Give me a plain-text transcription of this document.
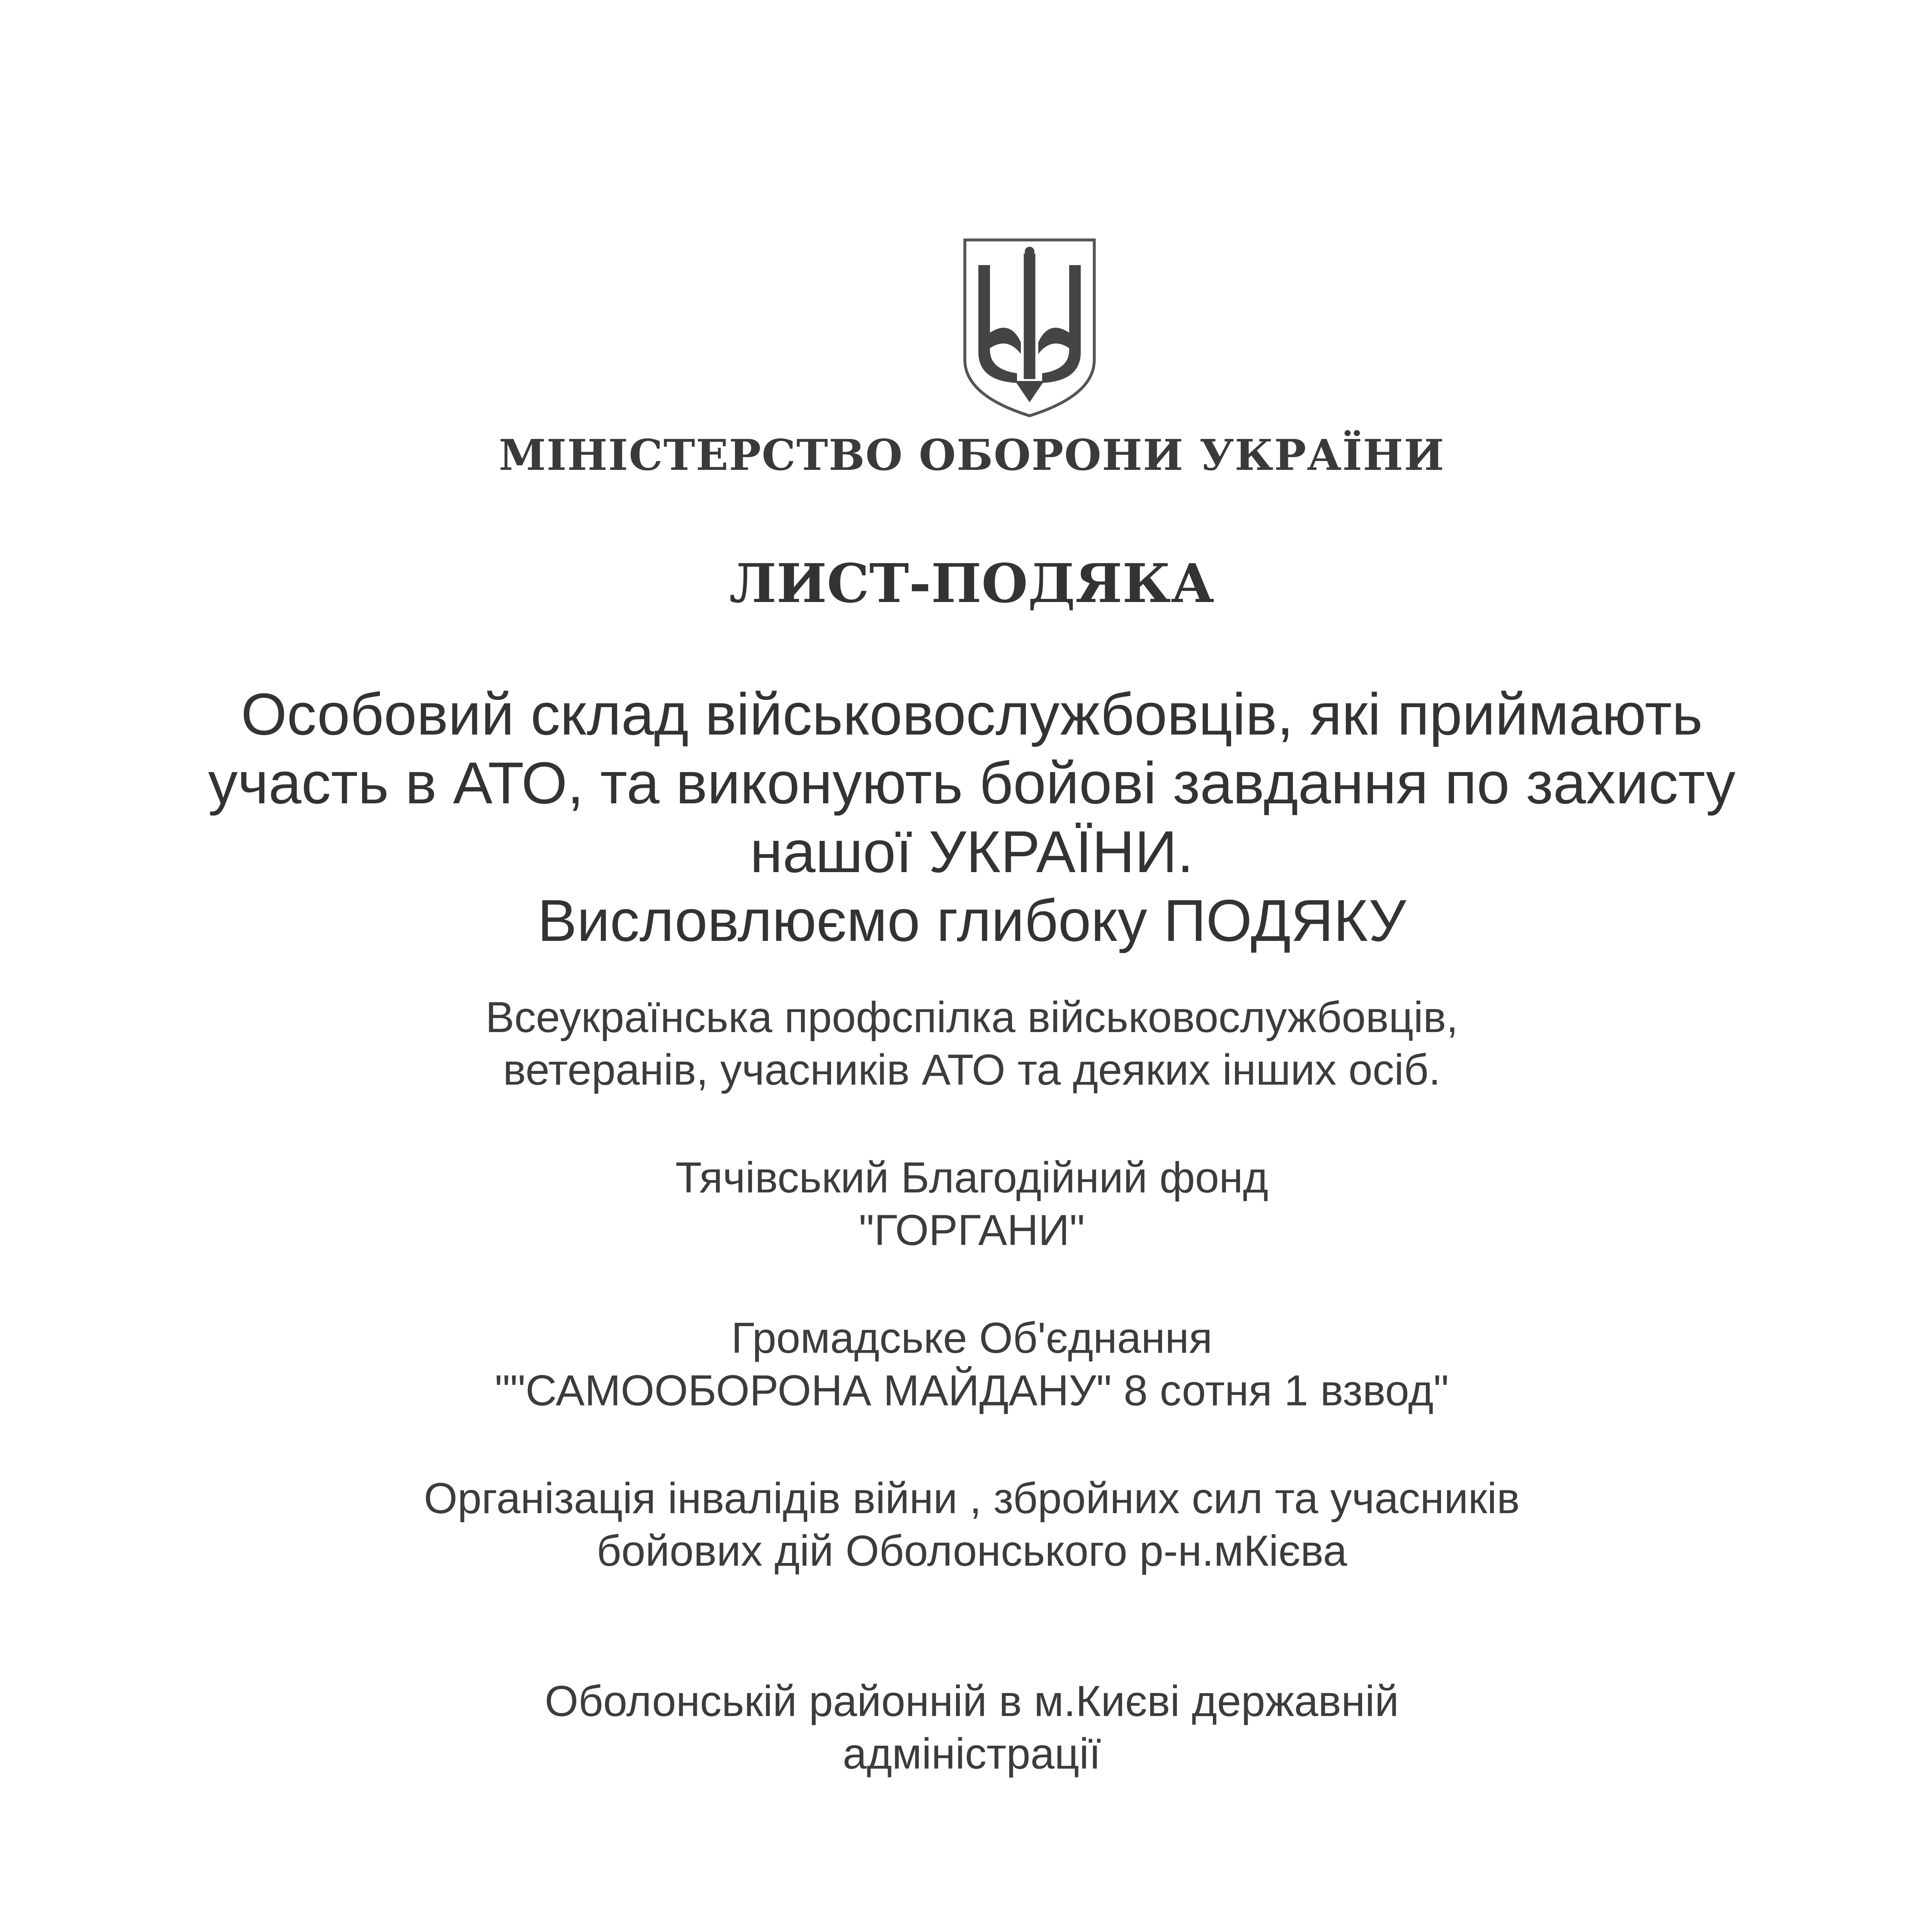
МІНІСТЕРСТВО ОБОРОНИ УКРАЇНИ
ЛИСТ-ПОДЯКА

Особовий склад військовослужбовців, які приймають
участь в АТО, та виконують бойові завдання по захисту
нашої УКРАЇНИ.
Висловлюємо глибоку ПОДЯКУ

Всеукраїнська профспілка військовослужбовців,
ветеранів, учасників АТО та деяких інших осіб.

Тячівський Благодійний фонд
"ГОРГАНИ"

Громадське Об'єднання
""САМООБОРОНА МАЙДАНУ" 8 сотня 1 взвод"

Організація інвалідів війни , збройних сил та учасників
бойових дій Оболонського р-н.мКієва

Оболонській районній в м.Києві державній
адміністрації
